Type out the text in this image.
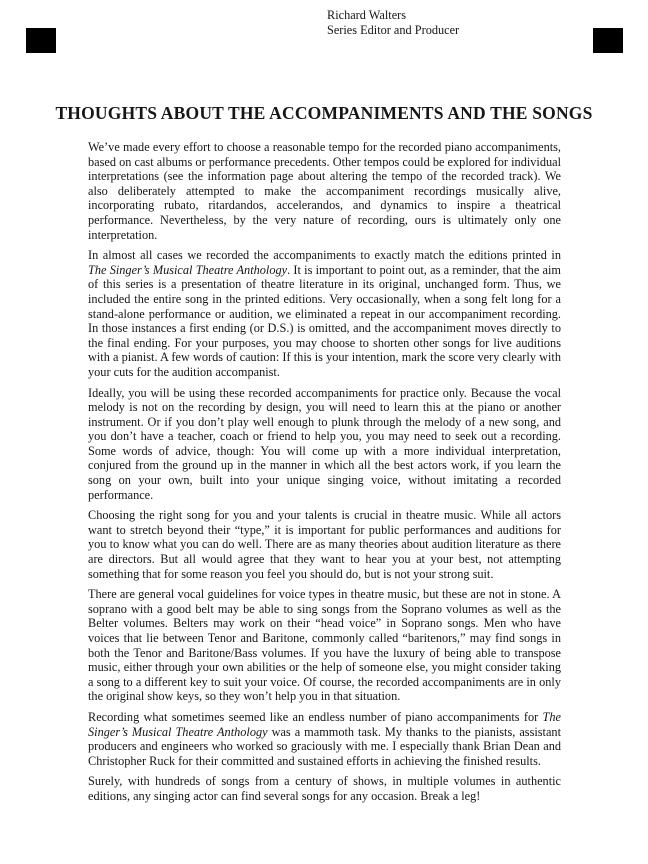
THOUGHTS ABOUT THE ACCOMPANIMENTS AND THE SONGS

We’ve made every effort to choose a reasonable tempo for the recorded piano accompaniments, based on cast albums or performance precedents. Other tempos could be explored for individual interpretations (see the information page about altering the tempo of the recorded track). We also deliberately attempted to make the accompaniment recordings musically alive, incorporating rubato, ritardandos, accelerandos, and dynamics to inspire a theatrical performance. Nevertheless, by the very nature of recording, ours is ultimately only one interpretation.

In almost all cases we recorded the accompaniments to exactly match the editions printed in The Singer’s Musical Theatre Anthology. It is important to point out, as a reminder, that the aim of this series is a presentation of theatre literature in its original, unchanged form. Thus, we included the entire song in the printed editions. Very occasionally, when a song felt long for a stand-alone performance or audition, we eliminated a repeat in our accompaniment recording. In those instances a first ending (or D.S.) is omitted, and the accompaniment moves directly to the final ending. For your purposes, you may choose to shorten other songs for live auditions with a pianist. A few words of caution: If this is your intention, mark the score very clearly with your cuts for the audition accompanist.

Ideally, you will be using these recorded accompaniments for practice only. Because the vocal melody is not on the recording by design, you will need to learn this at the piano or another instrument. Or if you don’t play well enough to plunk through the melody of a new song, and you don’t have a teacher, coach or friend to help you, you may need to seek out a recording. Some words of advice, though: You will come up with a more individual interpretation, conjured from the ground up in the manner in which all the best actors work, if you learn the song on your own, built into your unique singing voice, without imitating a recorded performance.

Choosing the right song for you and your talents is crucial in theatre music. While all actors want to stretch beyond their “type,” it is important for public performances and auditions for you to know what you can do well. There are as many theories about audition literature as there are directors. But all would agree that they want to hear you at your best, not attempting something that for some reason you feel you should do, but is not your strong suit.

There are general vocal guidelines for voice types in theatre music, but these are not in stone. A soprano with a good belt may be able to sing songs from the Soprano volumes as well as the Belter volumes. Belters may work on their “head voice” in Soprano songs. Men who have voices that lie between Tenor and Baritone, commonly called “baritenors,” may find songs in both the Tenor and Baritone/Bass volumes. If you have the luxury of being able to transpose music, either through your own abilities or the help of someone else, you might consider taking a song to a different key to suit your voice. Of course, the recorded accompaniments are in only the original show keys, so they won’t help you in that situation.

Recording what sometimes seemed like an endless number of piano accompaniments for The Singer’s Musical Theatre Anthology was a mammoth task. My thanks to the pianists, assistant producers and engineers who worked so graciously with me. I especially thank Brian Dean and Christopher Ruck for their committed and sustained efforts in achieving the finished results.

Surely, with hundreds of songs from a century of shows, in multiple volumes in authentic editions, any singing actor can find several songs for any occasion. Break a leg!

Richard Walters
Series Editor and Producer
